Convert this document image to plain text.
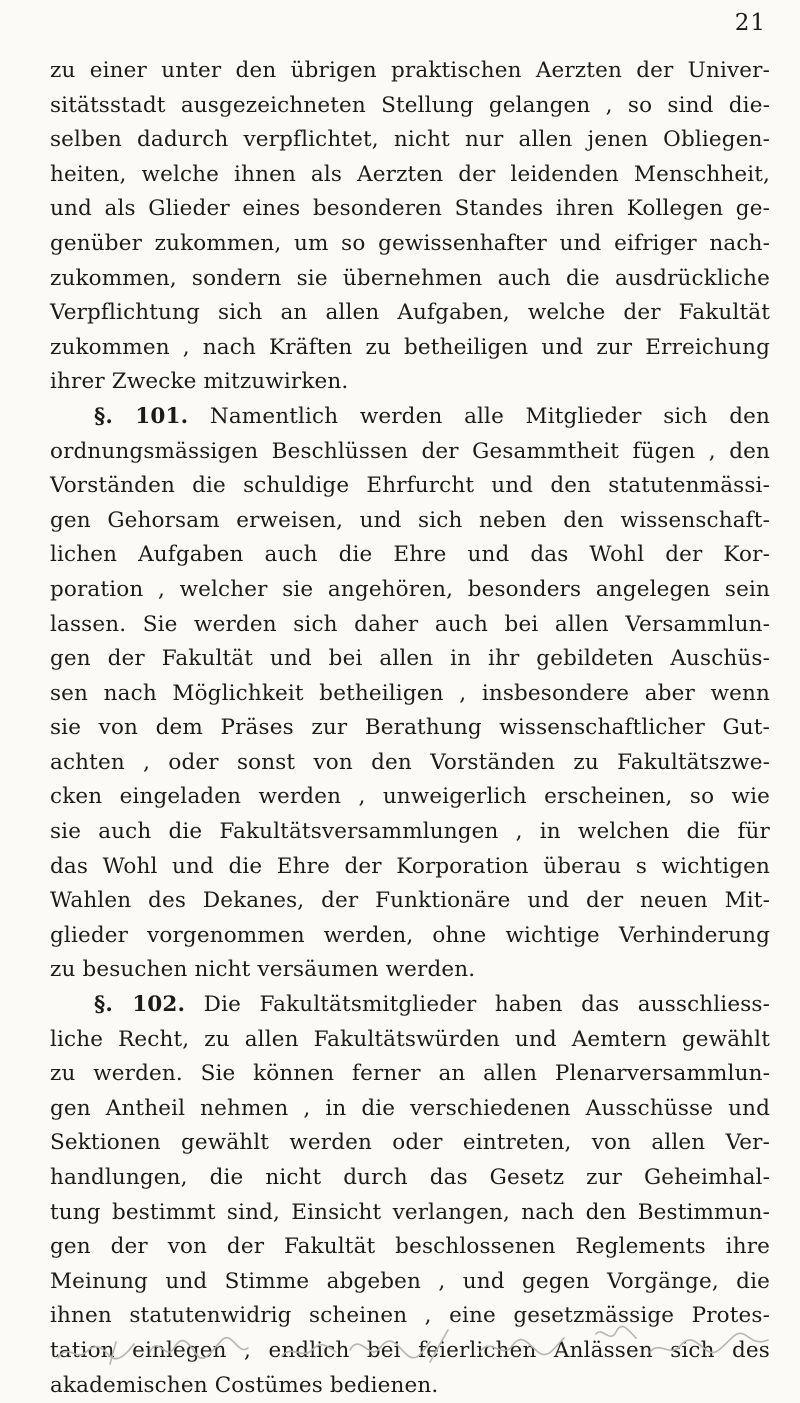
21
zu einer unter den übrigen praktischen Aerzten der Univer-
sitätsstadt ausgezeichneten Stellung gelangen , so sind die-
selben dadurch verpflichtet, nicht nur allen jenen Obliegen-
heiten, welche ihnen als Aerzten der leidenden Menschheit,
und als Glieder eines besonderen Standes ihren Kollegen ge-
genüber zukommen, um so gewissenhafter und eifriger nach-
zukommen, sondern sie übernehmen auch die ausdrückliche
Verpflichtung sich an allen Aufgaben, welche der Fakultät
zukommen , nach Kräften zu betheiligen und zur Erreichung
ihrer Zwecke mitzuwirken.
§. 101. Namentlich werden alle Mitglieder sich den
ordnungsmässigen Beschlüssen der Gesammtheit fügen , den
Vorständen die schuldige Ehrfurcht und den statutenmässi-
gen Gehorsam erweisen, und sich neben den wissenschaft-
lichen Aufgaben auch die Ehre und das Wohl der Kor-
poration , welcher sie angehören, besonders angelegen sein
lassen. Sie werden sich daher auch bei allen Versammlun-
gen der Fakultät und bei allen in ihr gebildeten Auschüs-
sen nach Möglichkeit betheiligen , insbesondere aber wenn
sie von dem Präses zur Berathung wissenschaftlicher Gut-
achten , oder sonst von den Vorständen zu Fakultätszwe-
cken eingeladen werden , unweigerlich erscheinen, so wie
sie auch die Fakultätsversammlungen , in welchen die für
das Wohl und die Ehre der Korporation überau s wichtigen
Wahlen des Dekanes, der Funktionäre und der neuen Mit-
glieder vorgenommen werden, ohne wichtige Verhinderung
zu besuchen nicht versäumen werden.
§. 102. Die Fakultätsmitglieder haben das ausschliess-
liche Recht, zu allen Fakultätswürden und Aemtern gewählt
zu werden. Sie können ferner an allen Plenarversammlun-
gen Antheil nehmen , in die verschiedenen Ausschüsse und
Sektionen gewählt werden oder eintreten, von allen Ver-
handlungen, die nicht durch das Gesetz zur Geheimhal-
tung bestimmt sind, Einsicht verlangen, nach den Bestimmun-
gen der von der Fakultät beschlossenen Reglements ihre
Meinung und Stimme abgeben , und gegen Vorgänge, die
ihnen statutenwidrig scheinen , eine gesetzmässige Protes-
tation einlegen , endlich bei feierlichen Anlässen sich des
akademischen Costümes bedienen.
